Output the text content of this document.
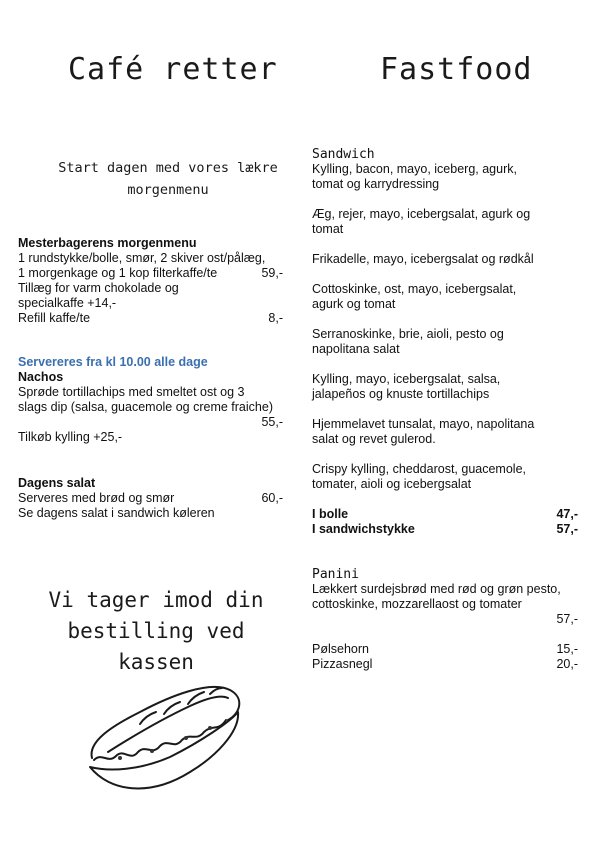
Café retter
Start dagen med vores lækre
morgenmenu
Mesterbagerens morgenmenu
1 rundstykke/bolle, smør, 2 skiver ost/pålæg,
1 morgenkage og 1 kop filterkaffe/te	59,-
Tillæg for varm chokolade og
specialkaffe +14,-
Refill kaffe/te	8,-
Servereres fra kl 10.00 alle dage
Nachos
Sprøde tortillachips med smeltet ost og 3
slags dip (salsa, guacemole og creme fraiche)
55,-
Tilkøb kylling +25,-
Dagens salat
Serveres med brød og smør	60,-
Se dagens salat i sandwich køleren
Vi tager imod din
bestilling ved kassen
Fastfood
Sandwich
Kylling, bacon, mayo, iceberg, agurk,
tomat og karrydressing
Æg, rejer, mayo, icebergsalat, agurk og
tomat
Frikadelle, mayo, icebergsalat og rødkål
Cottoskinke, ost, mayo, icebergsalat,
agurk og tomat
Serranoskinke, brie, aioli, pesto og
napolitana salat
Kylling, mayo, icebergsalat, salsa,
jalapeños og knuste tortillachips
Hjemmelavet tunsalat, mayo, napolitana
salat og revet gulerod.
Crispy kylling, cheddarost, guacemole,
tomater, aioli og icebergsalat
I bolle	47,-
I sandwichstykke	57,-
Panini
Lækkert surdejsbrød med rød og grøn pesto,
cottoskinke, mozzarellaost og tomater
57,-
Pølsehorn	15,-
Pizzasnegl	20,-
